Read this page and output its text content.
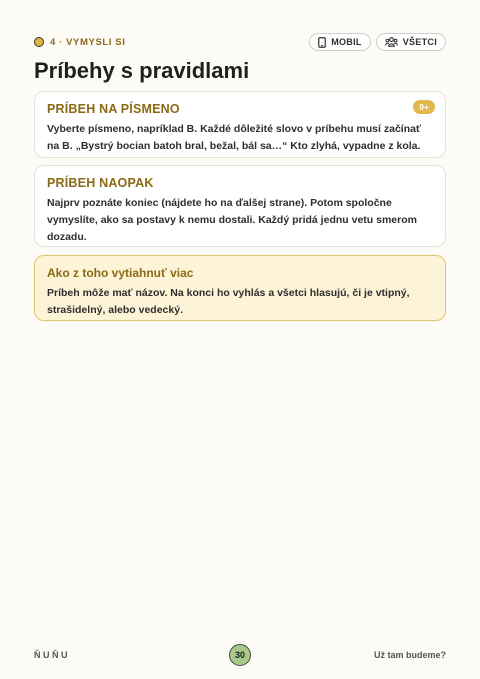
4 · VYMYSLI SI	MOBIL	VŠETCI
Príbehy s pravidlami
PRÍBEH NA PÍSMENO	9+
Vyberte písmeno, napríklad B. Každé dôležité slovo v príbehu musí začínať na B. „Bystrý bocian batoh bral, bežal, bál sa…“ Kto zlyhá, vypadne z kola.
PRÍBEH NAOPAK
Najprv poznáte koniec (nájdete ho na ďalšej strane). Potom spoločne vymyslíte, ako sa postavy k nemu dostali. Každý pridá jednu vetu smerom dozadu.
Ako z toho vytiahnuť viac
Príbeh môže mať názov. Na konci ho vyhlás a všetci hlasujú, či je vtipný, strašidelný, alebo vedecký.
ŇUŇU	30	Už tam budeme?
